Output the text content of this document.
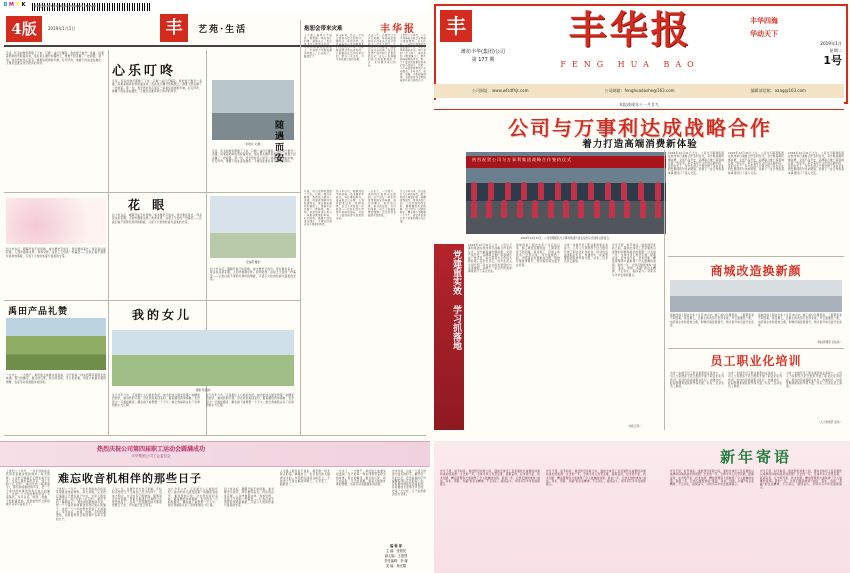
BMYK	丰华报2019年1月1日4版.ps 2018/12/27 15:25:08
4版	2019年1月1日	丰	艺苑·生活	丰华报
冬夜，所有的物声都歇了下来，只剩一盏灯还醒着。我把窗子推开一条缝，风裹着细碎的雪粒溜进来，落在案头摊开的稿纸上，像谁不经意撒了一把碎银。那一刻，我忽然听见心里有一串极轻极细的声响，叮叮咚咚，像檐下的冰凌在融化，又像远处谁家孩子拨弄的风铃。
心乐叮咚
（李晓东 文/图）
冬夜，所有的物声都歇了下来，只剩一盏灯还醒着。我把窗子推开一条缝，风裹着细碎的雪粒溜进来，落在案头摊开的稿纸上，像谁不经意撒了一把碎银。那一刻，我忽然听见心里有一串极轻极细的声响，叮叮咚咚，像檐下的冰凌在融化，又像远处谁家孩子拨弄的风铃。
冬夜，所有的物声都歇了下来，只剩一盏灯还醒着。我把窗子推开一条缝，风裹着细碎的雪粒溜进来，落在案头摊开的稿纸上，像谁不经意撒了一把碎银。那一刻，我忽然听见心里有一串极轻极细的声响，叮叮咚咚，像檐下的冰凌在融化，又像远处谁家孩子拨弄的风铃。
随遇而安
花 眼
四十岁以后，眼睛开始不听使唤。看书要把字放远，穿针要迎着光。母亲说这是花眼，人到岁数都这样。我却觉得，这是上天给的一份慈悲——让我们看不清那些琐碎的瑕疵，只留下大致的轮廓与温柔的光晕。
（安春霞 摄影）
四十岁以后，眼睛开始不听使唤。看书要把字放远，穿针要迎着光。母亲说这是花眼，人到岁数都这样。我却觉得，这是上天给的一份慈悲——让我们看不清那些琐碎的瑕疵，只留下大致的轮廓与温柔的光晕。
四十岁以后，眼睛开始不听使唤。看书要把字放远，穿针要迎着光。母亲说这是花眼，人到岁数都这样。我却觉得，这是上天给的一份慈悲——让我们看不清那些琐碎的瑕疵，只留下大致的轮廓与温柔的光晕。
禹田产品礼赞
一方水土，一方物产。禹田的土地厚实而温润，出产的每一样东西都带着阳光的味道。春日的嫩芽，夏日的瓜果，秋日的谷粒，冬日的菜根，皆是大地最朴素的馈赠，也是劳动者最踏实的回报。
我的女儿
（摄影 陈建国）
女儿今年六岁，正是最让人心软的年纪。她会把幼儿园发的第一块糖留到放学，塞进我的口袋；会在我加班回家时，踮着脚给我拿拖鞋；也会因为一只蚂蚁搬家，蹲在楼下看整整一个下午。她让我重新认识了世界的细小与辽阔。
女儿今年六岁，正是最让人心软的年纪。她会把幼儿园发的第一块糖留到放学，塞进我的口袋；会在我加班回家时，踮着脚给我拿拖鞋；也会因为一只蚂蚁搬家，蹲在楼下看整整一个下午。她让我重新认识了世界的细小与辽阔。
抱恕会带来灾难
人生路上难免有不如意。抱怨像一场无休止的雨，淋湿自己，也让身边的人躲得远远的。与其把时间耗在抱怨上，不如把力气用在解决问题上。心态变了，路就宽了。
岁末年初，总是一个适合回望与盘点的时节。翻开这一年的日历，密密麻麻的记号提醒着我们走过的每一步。有时候成绩是显而易见的，有时候成长是悄无声息的。把每一天过好，日子自然就会给出答案。
人这一生，总要学会与自己和解。年轻时总想把日子过成自己设计的样子，后来才明白，生活自有它的脉络。随遇而安并非消极，而是在看清生活真相之后依然热爱它，在每一处落脚的地方都能把根扎下去，开出属于自己的花。
上世纪八十年代，一台半导体收音机是家里最金贵的物件。每天傍晚，父亲把它端端正正摆在桌子中央，全家人围坐着听评书。刘兰芳的《岳飞传》、单田芳的《隋唐演义》，那些抑扬顿挫的声音，把一个个遥远的故事送进我们狭小的屋子，也把一个少年的想象带到了天南海北。多年以后，电视、电脑、手机轮番登场，而我始终怀念那段被声音牵引着的日子。
冬夜，所有的物声都歇了下来，只剩一盏灯还醒着。我把窗子推开一条缝，风裹着细碎的雪粒溜进来，落在案头摊开的稿纸上，像谁不经意撒了一把碎银。那一刻，我忽然听见心里有一串极轻极细的声响，叮叮咚咚，像檐下的冰凌在融化，又像远处谁家孩子拨弄的风铃。
四十岁以后，眼睛开始不听使唤。看书要把字放远，穿针要迎着光。母亲说这是花眼，人到岁数都这样。我却觉得，这是上天给的一份慈悲——让我们看不清那些琐碎的瑕疵，只留下大致的轮廓与温柔的光晕。
一方水土，一方物产。禹田的土地厚实而温润，出产的每一样东西都带着阳光的味道。春日的嫩芽，夏日的瓜果，秋日的谷粒，冬日的菜根，皆是大地最朴素的馈赠，也是劳动者最踏实的回报。
女儿今年六岁，正是最让人心软的年纪。她会把幼儿园发的第一块糖留到放学，塞进我的口袋；会在我加班回家时，踮着脚给我拿拖鞋；也会因为一只蚂蚁搬家，蹲在楼下看整整一个下午。她让我重新认识了世界的细小与辽阔。
热烈庆祝公司第四届职工运动会圆满成功
丰华集团公司工会委员会
难忘收音机相伴的那些日子
上世纪八十年代，一台半导体收音机是家里最金贵的物件。每天傍晚，父亲把它端端正正摆在桌子中央，全家人围坐着听评书。刘兰芳的《岳飞传》、单田芳的《隋唐演义》，那些抑扬顿挫的声音，把一个个遥远的故事送进我们狭小的屋子，也把一个少年的想象带到了天南海北。多年以后，电视、电脑、手机轮番登场，而我始终怀念那段被声音牵引着的日子。
上世纪八十年代，一台半导体收音机是家里最金贵的物件。每天傍晚，父亲把它端端正正摆在桌子中央，全家人围坐着听评书。刘兰芳的《岳飞传》、单田芳的《隋唐演义》，那些抑扬顿挫的声音，把一个个遥远的故事送进我们狭小的屋子，也把一个少年的想象带到了天南海北。多年以后，电视、电脑、手机轮番登场，而我始终怀念那段被声音牵引着的日子。
人这一生，总要学会与自己和解。年轻时总想把日子过成自己设计的样子，后来才明白，生活自有它的脉络。随遇而安并非消极，而是在看清生活真相之后依然热爱它，在每一处落脚的地方都能把根扎下去，开出属于自己的花。
女儿今年六岁，正是最让人心软的年纪。她会把幼儿园发的第一块糖留到放学，塞进我的口袋；会在我加班回家时，踮着脚给我拿拖鞋；也会因为一只蚂蚁搬家，蹲在楼下看整整一个下午。她让我重新认识了世界的细小与辽阔。
四十岁以后，眼睛开始不听使唤。看书要把字放远，穿针要迎着光。母亲说这是花眼，人到岁数都这样。我却觉得，这是上天给的一份慈悲——让我们看不清那些琐碎的瑕疵，只留下大致的轮廓与温柔的光晕。
人生路上难免有不如意。抱怨像一场无休止的雨，淋湿自己，也让身边的人躲得远远的。与其把时间耗在抱怨上，不如把力气用在解决问题上。心态变了，路就宽了。
一方水土，一方物产。禹田的土地厚实而温润，出产的每一样东西都带着阳光的味道。春日的嫩芽，夏日的瓜果，秋日的谷粒，冬日的菜根，皆是大地最朴素的馈赠，也是劳动者最踏实的回报。
岁末年初，总是一个适合回望与盘点的时节。翻开这一年的日历，密密麻麻的记号提醒着我们走过的每一步。有时候成绩是显而易见的，有时候成长是悄无声息的。把每一天过好，日子自然就会给出答案。
编 辑 部
主 编：张树民
副主编：王建国
责任编辑：李 娜
美 编：杨光耀
丰
潍坊丰华(集团)公司
第 177 期
丰华报
FENG HUA BAO
丰华四海
华动天下
2019年1月
星期二
1号
公司网址：www.wfsdfhjt.com	公司邮箱：fenghuadashe@163.com	编辑部信箱：aaag@163.com
本报或或年十一月廿九
公司与万事利达成战略合作
着力打造高端消费新体验
热烈祝贺公司与万事利集团战略合作签约仪式
2018年12月31日，公司管理团队与万事利集团代表在签约仪式现场合影留念。
2018年12月31日上午，公司与万事利集团在杭州举行战略合作签约仪式，双方就高端丝绸消费、文创产品开发、品牌联合推广等领域达成一致意见，标志着双方合作进入新阶段。签约仪式上，双方负责人分别介绍了各自企业的发展现状与未来规划，并就下一步合作的具体事项进行了深入交流。
2018年12月31日上午，公司与万事利集团在杭州举行战略合作签约仪式，双方就高端丝绸消费、文创产品开发、品牌联合推广等领域达成一致意见，标志着双方合作进入新阶段。签约仪式上，双方负责人分别介绍了各自企业的发展现状与未来规划，并就下一步合作的具体事项进行了深入交流。
2018年12月31日上午，公司与万事利集团在杭州举行战略合作签约仪式，双方就高端丝绸消费、文创产品开发、品牌联合推广等领域达成一致意见，标志着双方合作进入新阶段。签约仪式上，双方负责人分别介绍了各自企业的发展现状与未来规划，并就下一步合作的具体事项进行了深入交流。
党建重实效 学习抓落地
2018年12月31日上午，公司与万事利集团在杭州举行战略合作签约仪式，双方就高端丝绸消费、文创产品开发、品牌联合推广等领域达成一致意见，标志着双方合作进入新阶段。签约仪式上，双方负责人分别介绍了各自企业的发展现状与未来规划，并就下一步合作的具体事项进行了深入交流。
商城改造工程自去年十月启动以来，施工单位克服低温、工期紧张等不利因素，昼夜施工，目前主体改造已全部完成，外立面焕然一新，内部商业布局更加合理，购物环境显著提升，预计春节前全面开业迎客。
为进一步提升员工职业素养和业务能力，公司人力资源部于近日组织开展了职业化系列培训，培训内容涵盖职业礼仪、沟通技巧、时间管理和团队协作等方面，共有二百余名员工参加。
岁月不居，时节如流。值此辞旧迎新之际，谨向全体员工及家属致以诚挚的问候和美好的祝愿！过去的一年，全体丰华人攻坚克难、砥砺奋进，在市场开拓、技术创新、精益管理等方面取得了令人鼓舞的成绩。新的一年，让我们继续秉持“诚信、务实、创新、共赢”的企业精神，不忘初心，接续奋斗，共同书写丰华发展新篇章。
（本报记者）
商城改造换新颜
商城改造工程自去年十月启动以来，施工单位克服低温、工期紧张等不利因素，昼夜施工，目前主体改造已全部完成，外立面焕然一新，内部商业布局更加合理，购物环境显著提升，预计春节前全面开业迎客。
商城改造工程自去年十月启动以来，施工单位克服低温、工期紧张等不利因素，昼夜施工，目前主体改造已全部完成，外立面焕然一新，内部商业布局更加合理，购物环境显著提升，预计春节前全面开业迎客。
（网站管理部 宋俊伟）
员工职业化培训
为进一步提升员工职业素养和业务能力，公司人力资源部于近日组织开展了职业化系列培训，培训内容涵盖职业礼仪、沟通技巧、时间管理和团队协作等方面，共有二百余名员工参加。
为进一步提升员工职业素养和业务能力，公司人力资源部于近日组织开展了职业化系列培训，培训内容涵盖职业礼仪、沟通技巧、时间管理和团队协作等方面，共有二百余名员工参加。
为进一步提升员工职业素养和业务能力，公司人力资源部于近日组织开展了职业化系列培训，培训内容涵盖职业礼仪、沟通技巧、时间管理和团队协作等方面，共有二百余名员工参加。
（人力资源部 张伟）
新年寄语
岁月不居，时节如流。值此辞旧迎新之际，谨向全体员工及家属致以诚挚的问候和美好的祝愿！过去的一年，全体丰华人攻坚克难、砥砺奋进，在市场开拓、技术创新、精益管理等方面取得了令人鼓舞的成绩。新的一年，让我们继续秉持“诚信、务实、创新、共赢”的企业精神，不忘初心，接续奋斗，共同书写丰华发展新篇章。
岁月不居，时节如流。值此辞旧迎新之际，谨向全体员工及家属致以诚挚的问候和美好的祝愿！过去的一年，全体丰华人攻坚克难、砥砺奋进，在市场开拓、技术创新、精益管理等方面取得了令人鼓舞的成绩。新的一年，让我们继续秉持“诚信、务实、创新、共赢”的企业精神，不忘初心，接续奋斗，共同书写丰华发展新篇章。
岁月不居，时节如流。值此辞旧迎新之际，谨向全体员工及家属致以诚挚的问候和美好的祝愿！过去的一年，全体丰华人攻坚克难、砥砺奋进，在市场开拓、技术创新、精益管理等方面取得了令人鼓舞的成绩。新的一年，让我们继续秉持“诚信、务实、创新、共赢”的企业精神，不忘初心，接续奋斗，共同书写丰华发展新篇章。
岁月不居，时节如流。值此辞旧迎新之际，谨向全体员工及家属致以诚挚的问候和美好的祝愿！过去的一年，全体丰华人攻坚克难、砥砺奋进，在市场开拓、技术创新、精益管理等方面取得了令人鼓舞的成绩。新的一年，让我们继续秉持“诚信、务实、创新、共赢”的企业精神，不忘初心，接续奋斗，共同书写丰华发展新篇章。
